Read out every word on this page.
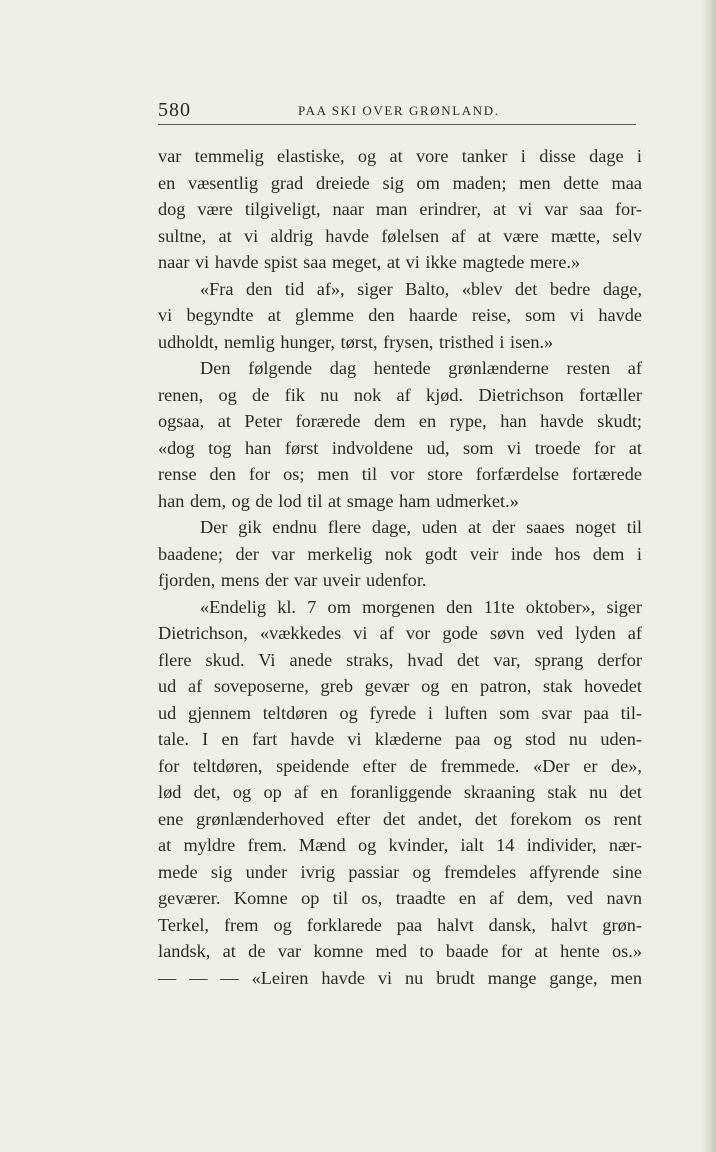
580	PAA SKI OVER GRØNLAND.
var temmelig elastiske, og at vore tanker i disse dage i
en væsentlig grad dreiede sig om maden; men dette maa
dog være tilgiveligt, naar man erindrer, at vi var saa for-
sultne, at vi aldrig havde følelsen af at være mætte, selv
naar vi havde spist saa meget, at vi ikke magtede mere.»
«Fra den tid af», siger Balto, «blev det bedre dage,
vi begyndte at glemme den haarde reise, som vi havde
udholdt, nemlig hunger, tørst, frysen, tristhed i isen.»
Den følgende dag hentede grønlænderne resten af
renen, og de fik nu nok af kjød. Dietrichson fortæller
ogsaa, at Peter forærede dem en rype, han havde skudt;
«dog tog han først indvoldene ud, som vi troede for at
rense den for os; men til vor store forfærdelse fortærede
han dem, og de lod til at smage ham udmerket.»
Der gik endnu flere dage, uden at der saaes noget til
baadene; der var merkelig nok godt veir inde hos dem i
fjorden, mens der var uveir udenfor.
«Endelig kl. 7 om morgenen den 11te oktober», siger
Dietrichson, «vækkedes vi af vor gode søvn ved lyden af
flere skud. Vi anede straks, hvad det var, sprang derfor
ud af soveposerne, greb gevær og en patron, stak hovedet
ud gjennem teltdøren og fyrede i luften som svar paa til-
tale. I en fart havde vi klæderne paa og stod nu uden-
for teltdøren, speidende efter de fremmede. «Der er de»,
lød det, og op af en foranliggende skraaning stak nu det
ene grønlænderhoved efter det andet, det forekom os rent
at myldre frem. Mænd og kvinder, ialt 14 individer, nær-
mede sig under ivrig passiar og fremdeles affyrende sine
geværer. Komne op til os, traadte en af dem, ved navn
Terkel, frem og forklarede paa halvt dansk, halvt grøn-
landsk, at de var komne med to baade for at hente os.»
— — — «Leiren havde vi nu brudt mange gange, men
